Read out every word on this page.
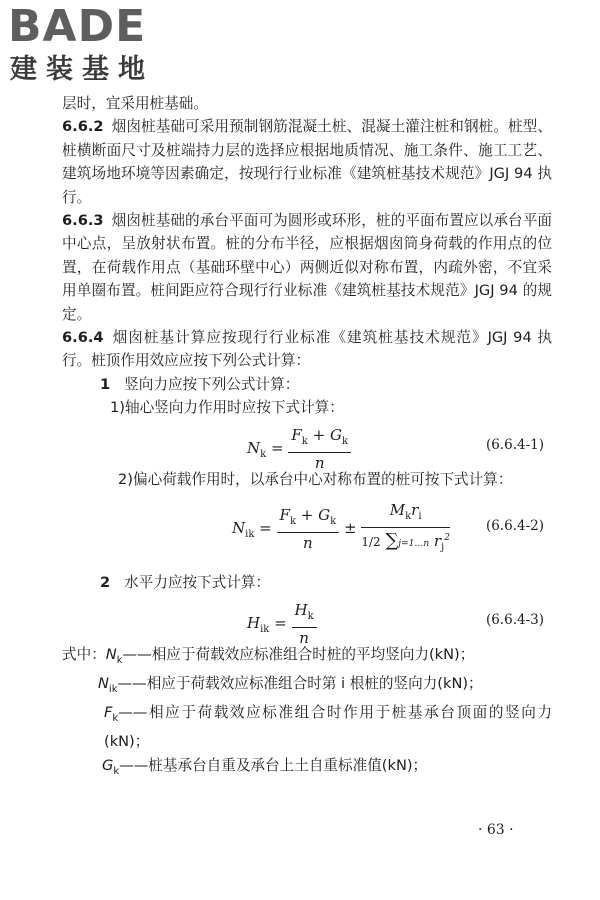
BADE
建装基地

层时，宜采用桩基础。

6.6.2 烟囱桩基础可采用预制钢筋混凝土桩、混凝土灌注桩和钢桩。桩型、桩横断面尺寸及桩端持力层的选择应根据地质情况、施工条件、施工工艺、建筑场地环境等因素确定，按现行行业标准《建筑桩基技术规范》JGJ 94 执行。

6.6.3 烟囱桩基础的承台平面可为圆形或环形，桩的平面布置应以承台平面中心点，呈放射状布置。桩的分布半径，应根据烟囱筒身荷载的作用点的位置，在荷载作用点（基础环壁中心）两侧近似对称布置，内疏外密，不宜采用单圈布置。桩间距应符合现行行业标准《建筑桩基技术规范》JGJ 94 的规定。

6.6.4 烟囱桩基计算应按现行行业标准《建筑桩基技术规范》JGJ 94 执行。桩顶作用效应应按下列公式计算：

1 竖向力应按下列公式计算：

1)轴心竖向力作用时应按下式计算：

$N_k = \frac{F_k + G_k}{n}$	(6.6.4-1)

2)偏心荷载作用时，以承台中心对称布置的桩可按下式计算：

$N_{ik} = \frac{F_k + G_k}{n} \pm \frac{M_kr_i}{1/2 \sum j=1\dots n r_j^2}$	(6.6.4-2)

2 水平力应按下式计算：

$H_{ik} = \frac{H_k}{n}$	(6.6.4-3)

式中：$N_k——$相应于荷载效应标准组合时桩的平均竖向力(kN)；

$N_{ik}——$相应于荷载效应标准组合时第 i 根桩的竖向力(kN)；

$F_k——$相应于荷载效应标准组合时作用于桩基承台顶面的竖向力(kN)；

$G_k——$桩基承台自重及承台上土自重标准值(kN)；

· 63 ·
